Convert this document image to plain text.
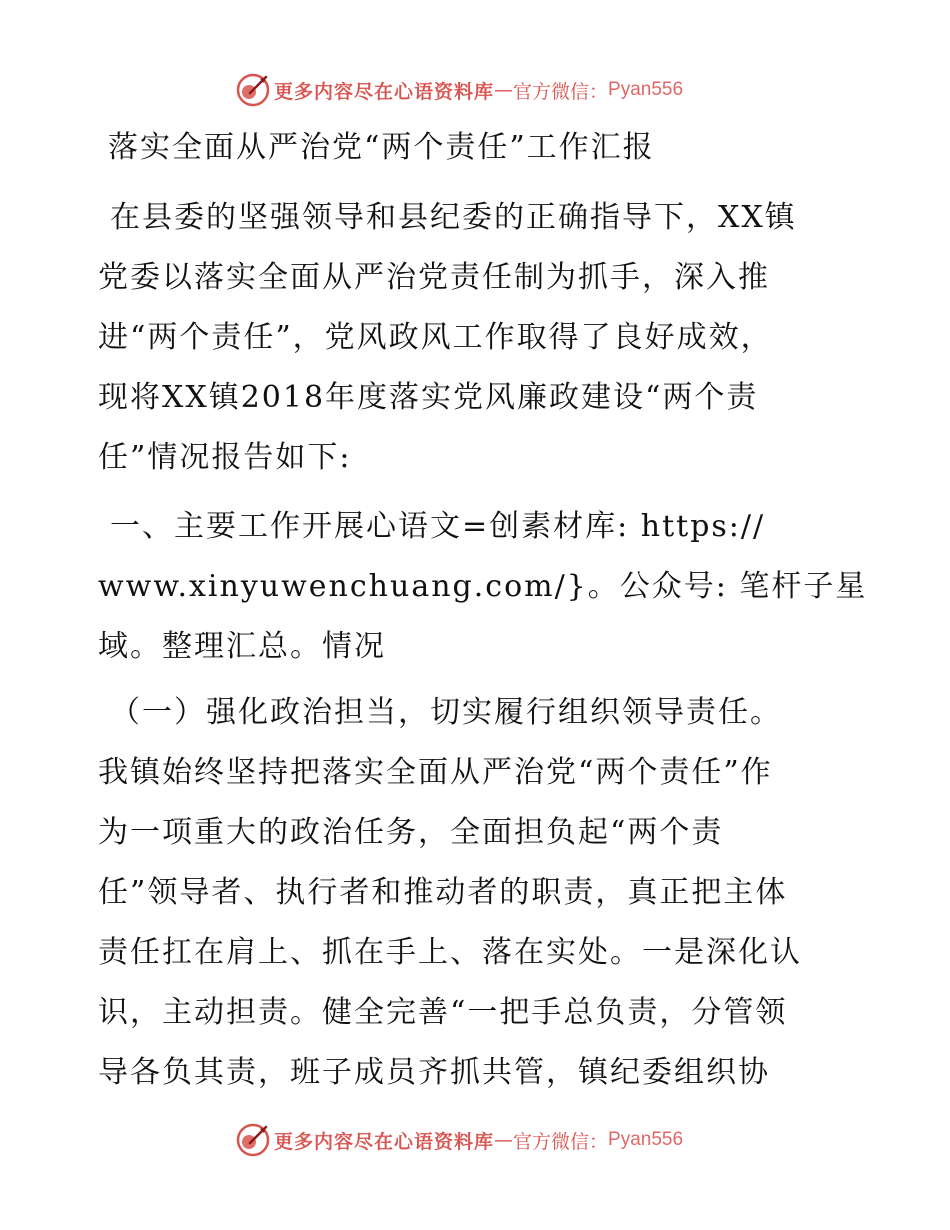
更多内容尽在心语资料库 — 官方微信： Pyan556
落实全面从严治党“两个责任”工作汇报
在县委的坚强领导和县纪委的正确指导下，XX镇
党委以落实全面从严治党责任制为抓手，深入推
进“两个责任”，党风政风工作取得了良好成效，
现将XX镇2018年度落实党风廉政建设“两个责
任”情况报告如下:
一、主要工作开展心语文=创素材库: https://
www.xinyuwenchuang.com/}。公众号: 笔杆子星
域。整理汇总。情况
（一）强化政治担当，切实履行组织领导责任。
我镇始终坚持把落实全面从严治党“两个责任”作
为一项重大的政治任务，全面担负起“两个责
任”领导者、执行者和推动者的职责，真正把主体
责任扛在肩上、抓在手上、落在实处。一是深化认
识，主动担责。健全完善“一把手总负责，分管领
导各负其责，班子成员齐抓共管，镇纪委组织协
更多内容尽在心语资料库 — 官方微信： Pyan556
